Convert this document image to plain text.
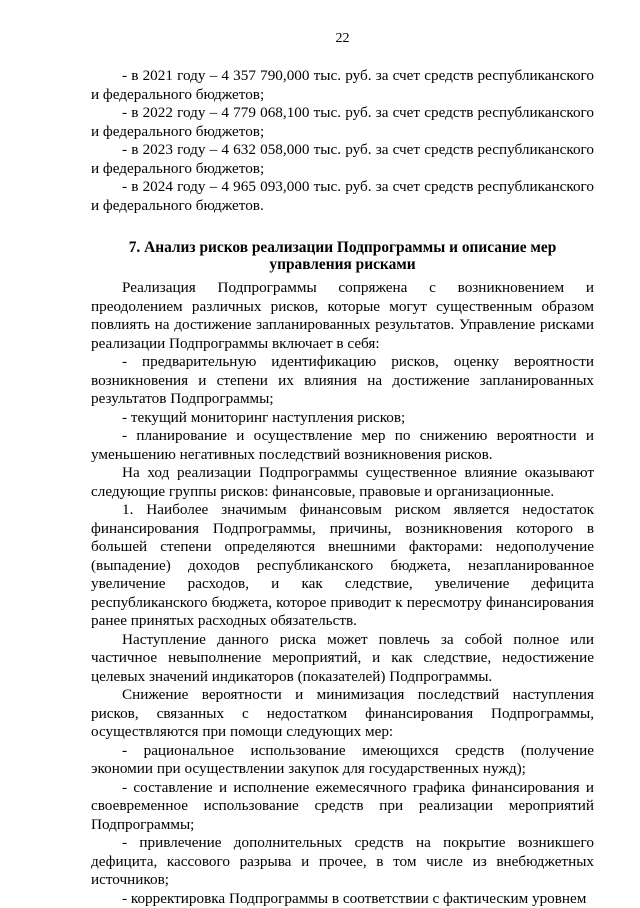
22

- в 2021 году – 4 357 790,000 тыс. руб. за счет средств республиканского и федерального бюджетов;

- в 2022 году – 4 779 068,100 тыс. руб. за счет средств республиканского и федерального бюджетов;

- в 2023 году – 4 632 058,000 тыс. руб. за счет средств республиканского и федерального бюджетов;

- в 2024 году – 4 965 093,000 тыс. руб. за счет средств республиканского и федерального бюджетов.

7. Анализ рисков реализации Подпрограммы и описание мер управления рисками

Реализация Подпрограммы сопряжена с возникновением и преодолением различных рисков, которые могут существенным образом повлиять на достижение запланированных результатов. Управление рисками реализации Подпрограммы включает в себя:

- предварительную идентификацию рисков, оценку вероятности возникновения и степени их влияния на достижение запланированных результатов Подпрограммы;

- текущий мониторинг наступления рисков;

- планирование и осуществление мер по снижению вероятности и уменьшению негативных последствий возникновения рисков.

На ход реализации Подпрограммы существенное влияние оказывают следующие группы рисков: финансовые, правовые и организационные.

1. Наиболее значимым финансовым риском является недостаток финансирования Подпрограммы, причины, возникновения которого в большей степени определяются внешними факторами: недополучение (выпадение) доходов республиканского бюджета, незапланированное увеличение расходов, и как следствие, увеличение дефицита республиканского бюджета, которое приводит к пересмотру финансирования ранее принятых расходных обязательств.

Наступление данного риска может повлечь за собой полное или частичное невыполнение мероприятий, и как следствие, недостижение целевых значений индикаторов (показателей) Подпрограммы.

Снижение вероятности и минимизация последствий наступления рисков, связанных с недостатком финансирования Подпрограммы, осуществляются при помощи следующих мер:

- рациональное использование имеющихся средств (получение экономии при осуществлении закупок для государственных нужд);

- составление и исполнение ежемесячного графика финансирования и своевременное использование средств при реализации мероприятий Подпрограммы;

- привлечение дополнительных средств на покрытие возникшего дефицита, кассового разрыва и прочее, в том числе из внебюджетных источников;

- корректировка Подпрограммы в соответствии с фактическим уровнем
